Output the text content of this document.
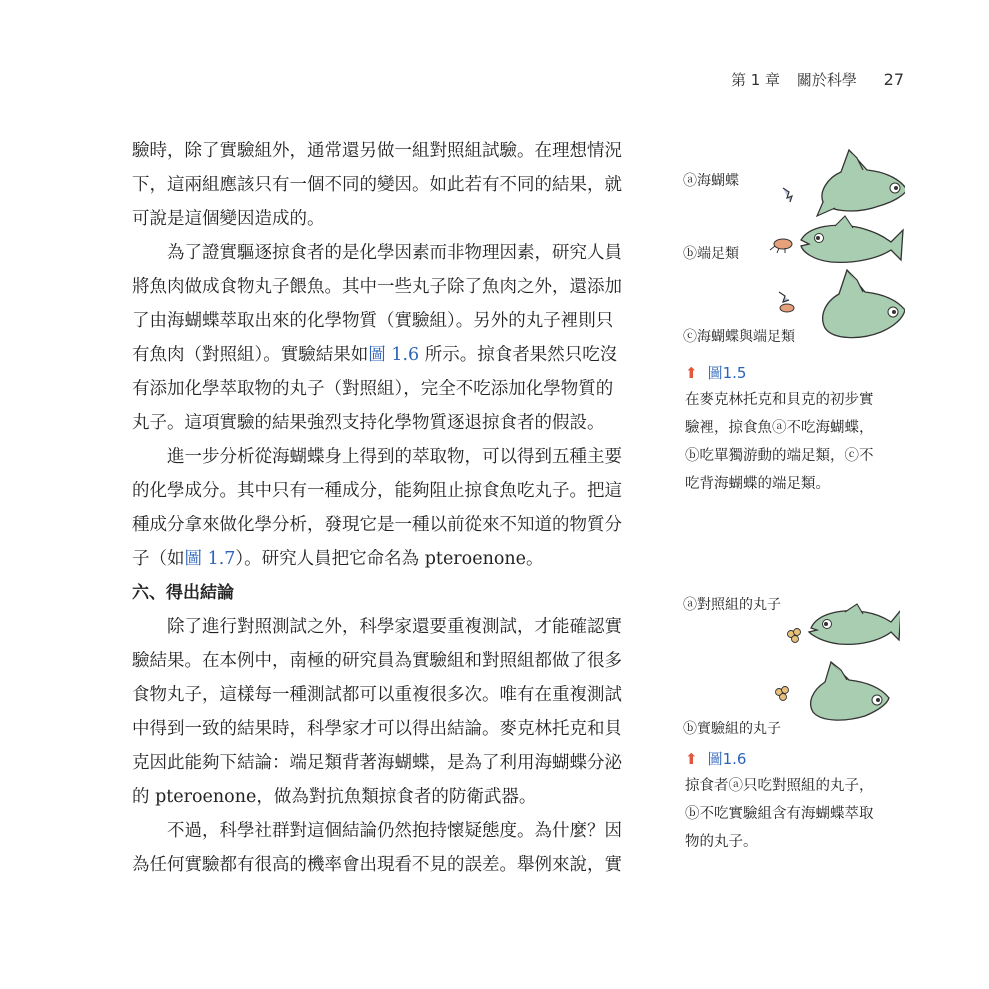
第 1 章 關於科學 27
驗時，除了實驗組外，通常還另做一組對照組試驗。在理想情況
下，這兩組應該只有一個不同的變因。如此若有不同的結果，就
可說是這個變因造成的。
為了證實驅逐掠食者的是化學因素而非物理因素，研究人員
將魚肉做成食物丸子餵魚。其中一些丸子除了魚肉之外，還添加
了由海蝴蝶萃取出來的化學物質（實驗組）。另外的丸子裡則只
有魚肉（對照組）。實驗結果如圖 1.6 所示。掠食者果然只吃沒
有添加化學萃取物的丸子（對照組），完全不吃添加化學物質的
丸子。這項實驗的結果強烈支持化學物質逐退掠食者的假設。
進一步分析從海蝴蝶身上得到的萃取物，可以得到五種主要
的化學成分。其中只有一種成分，能夠阻止掠食魚吃丸子。把這
種成分拿來做化學分析，發現它是一種以前從來不知道的物質分
子（如圖 1.7）。研究人員把它命名為 pteroenone。
六、得出結論
除了進行對照測試之外，科學家還要重複測試，才能確認實
驗結果。在本例中，南極的研究員為實驗組和對照組都做了很多
食物丸子，這樣每一種測試都可以重複很多次。唯有在重複測試
中得到一致的結果時，科學家才可以得出結論。麥克林托克和貝
克因此能夠下結論：端足類背著海蝴蝶，是為了利用海蝴蝶分泌
的 pteroenone，做為對抗魚類掠食者的防衛武器。
不過，科學社群對這個結論仍然抱持懷疑態度。為什麼？因
為任何實驗都有很高的機率會出現看不見的誤差。舉例來說，實
ⓐ海蝴蝶
ⓑ端足類
ⓒ海蝴蝶與端足類
⬆ 圖1.5
在麥克林托克和貝克的初步實
驗裡，掠食魚ⓐ不吃海蝴蝶，
ⓑ吃單獨游動的端足類，ⓒ不
吃背海蝴蝶的端足類。
ⓐ對照組的丸子
ⓑ實驗組的丸子
⬆ 圖1.6
掠食者ⓐ只吃對照組的丸子，
ⓑ不吃實驗組含有海蝴蝶萃取
物的丸子。
